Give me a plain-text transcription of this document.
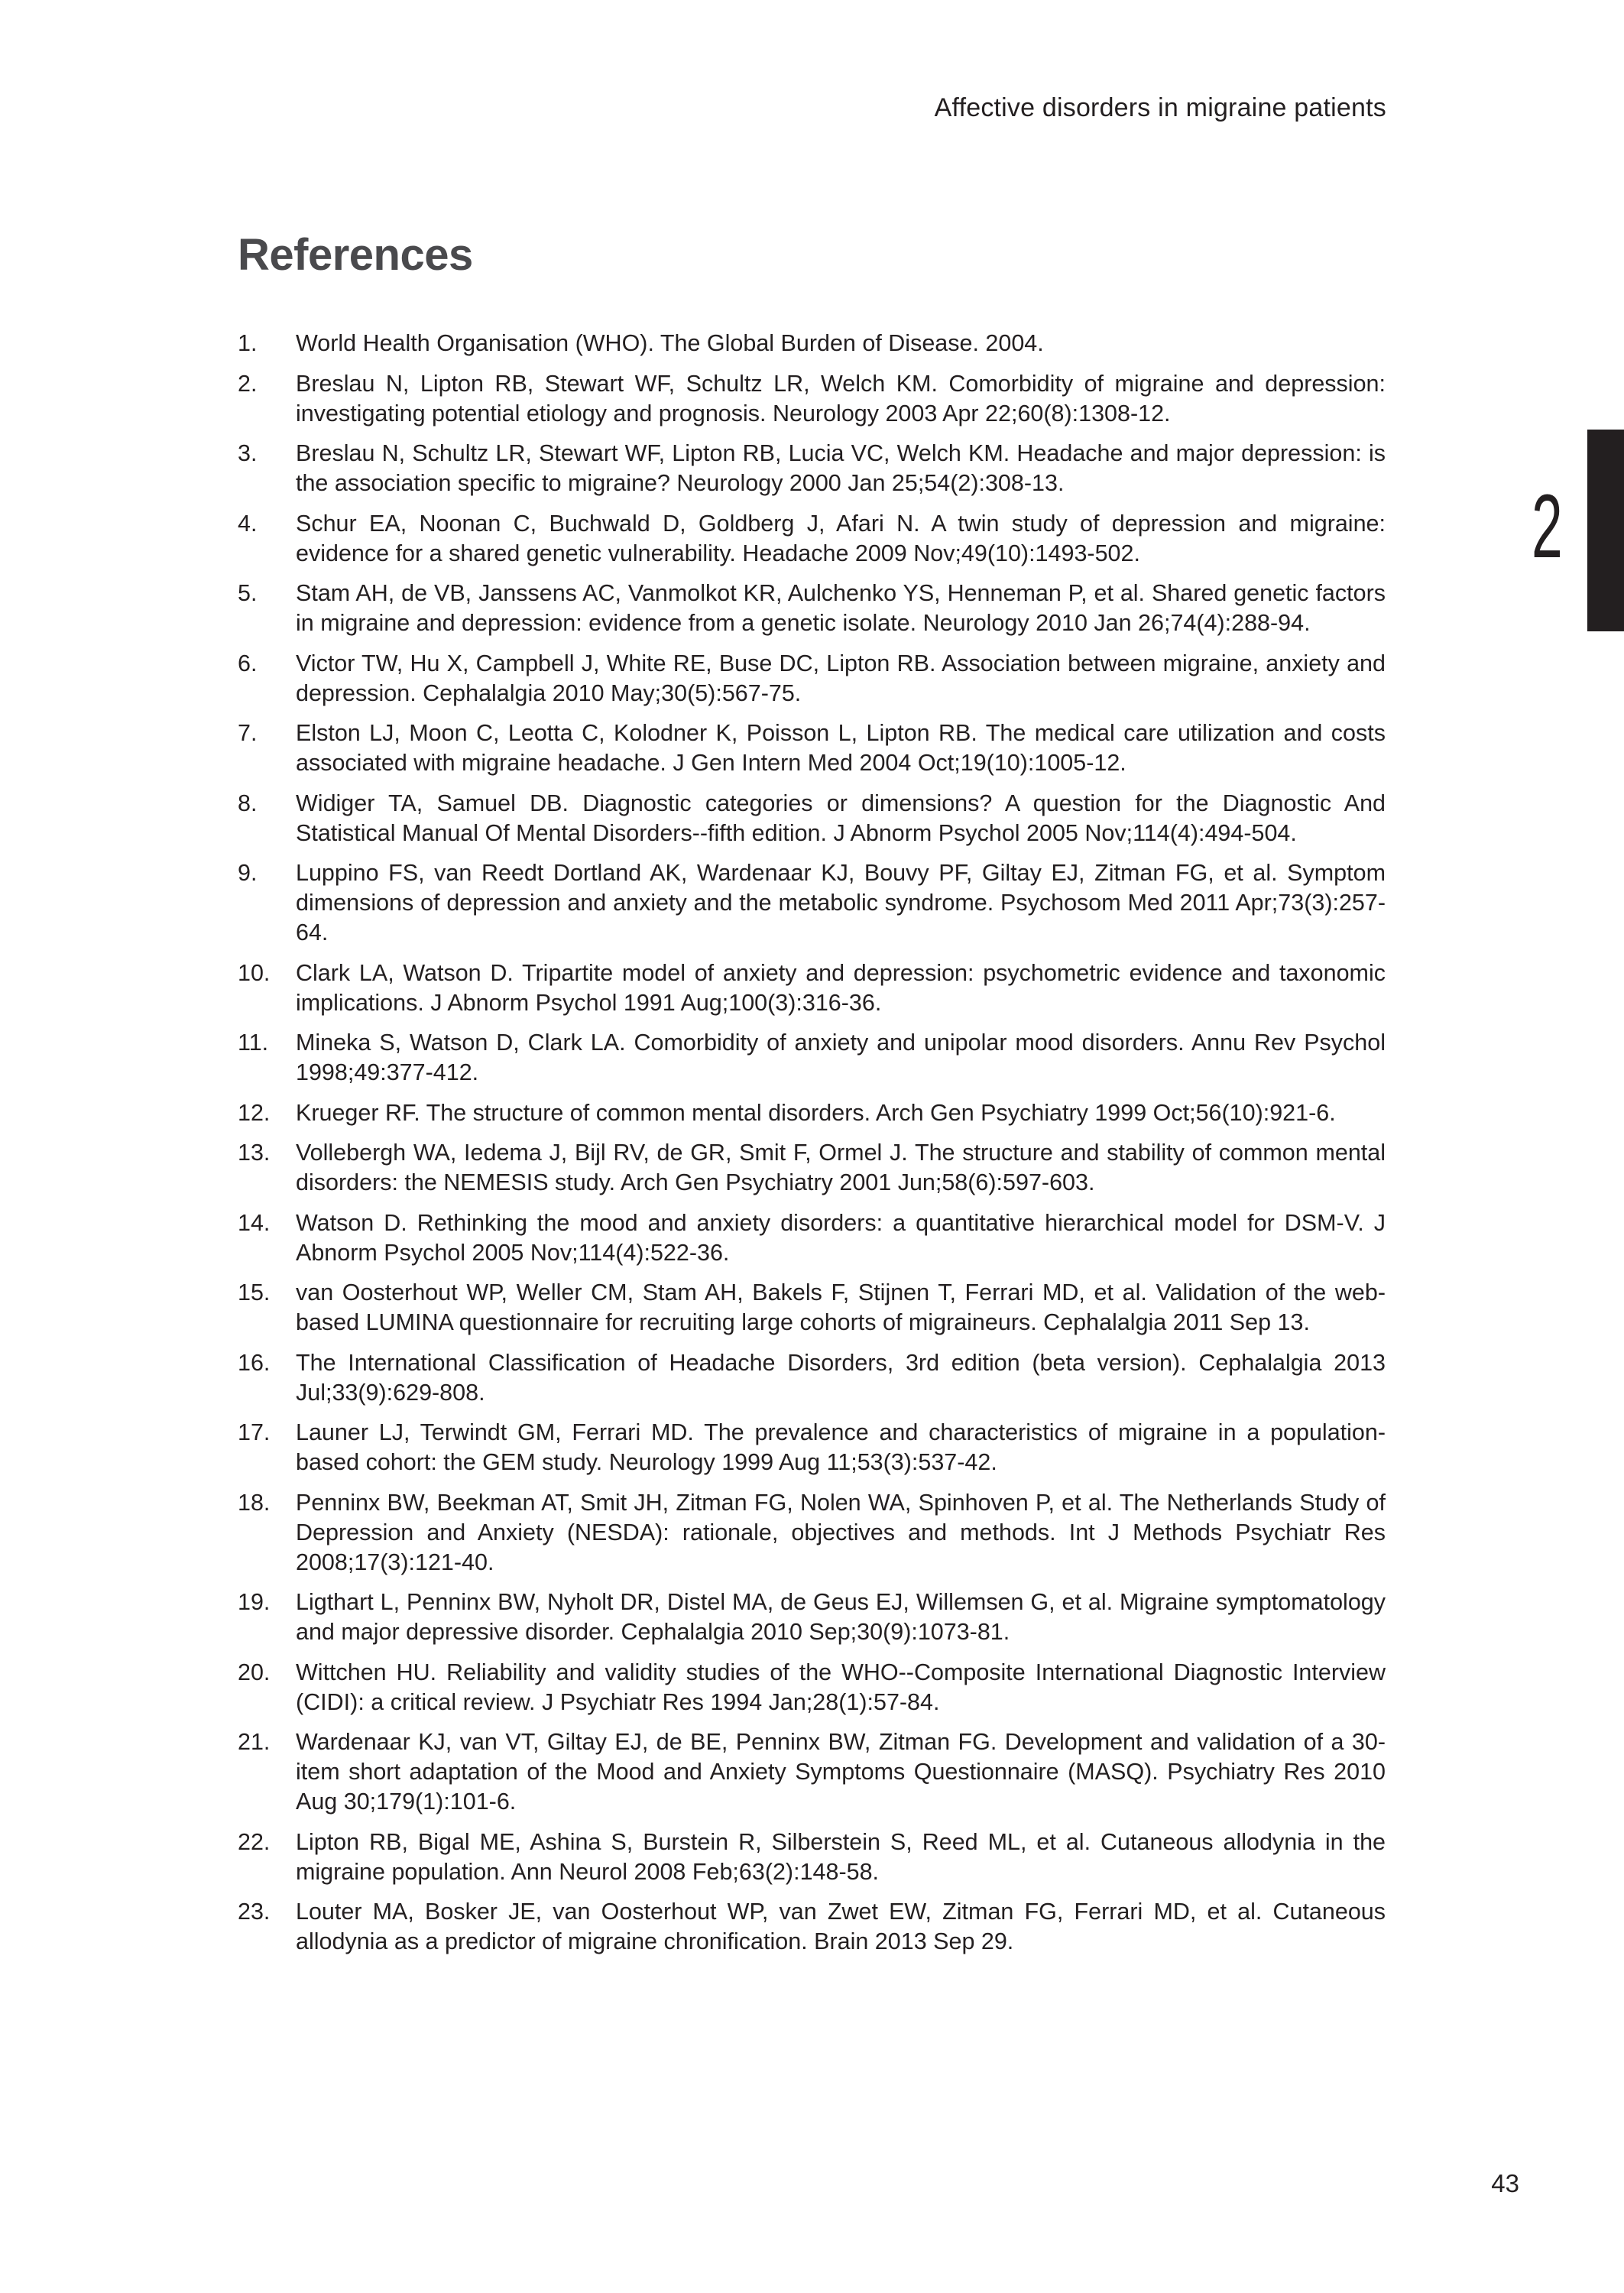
Affective disorders in migraine patients
References
2
1.	World Health Organisation (WHO). The Global Burden of Disease. 2004.
2.	Breslau N, Lipton RB, Stewart WF, Schultz LR, Welch KM. Comorbidity of migraine and depression: investigating potential etiology and prognosis. Neurology 2003 Apr 22;60(8):1308-12.
3.	Breslau N, Schultz LR, Stewart WF, Lipton RB, Lucia VC, Welch KM. Headache and major depression: is the association specific to migraine? Neurology 2000 Jan 25;54(2):308-13.
4.	Schur EA, Noonan C, Buchwald D, Goldberg J, Afari N. A twin study of depression and migraine: evidence for a shared genetic vulnerability. Headache 2009 Nov;49(10):1493-502.
5.	Stam AH, de VB, Janssens AC, Vanmolkot KR, Aulchenko YS, Henneman P, et al. Shared genetic factors in migraine and depression: evidence from a genetic isolate. Neurology 2010 Jan 26;74(4):288-94.
6.	Victor TW, Hu X, Campbell J, White RE, Buse DC, Lipton RB. Association between migraine, anxiety and depression. Cephalalgia 2010 May;30(5):567-75.
7.	Elston LJ, Moon C, Leotta C, Kolodner K, Poisson L, Lipton RB. The medical care utilization and costs associated with migraine headache. J Gen Intern Med 2004 Oct;19(10):1005-12.
8.	Widiger TA, Samuel DB. Diagnostic categories or dimensions? A question for the Diagnostic And Statistical Manual Of Mental Disorders--fifth edition. J Abnorm Psychol 2005 Nov;114(4):494-504.
9.	Luppino FS, van Reedt Dortland AK, Wardenaar KJ, Bouvy PF, Giltay EJ, Zitman FG, et al. Symptom dimensions of depression and anxiety and the metabolic syndrome. Psychosom Med 2011 Apr;73(3):257-64.
10.	Clark LA, Watson D. Tripartite model of anxiety and depression: psychometric evidence and taxonomic implications. J Abnorm Psychol 1991 Aug;100(3):316-36.
11.	Mineka S, Watson D, Clark LA. Comorbidity of anxiety and unipolar mood disorders. Annu Rev Psychol 1998;49:377-412.
12.	Krueger RF. The structure of common mental disorders. Arch Gen Psychiatry 1999 Oct;56(10):921-6.
13.	Vollebergh WA, Iedema J, Bijl RV, de GR, Smit F, Ormel J. The structure and stability of common mental disorders: the NEMESIS study. Arch Gen Psychiatry 2001 Jun;58(6):597-603.
14.	Watson D. Rethinking the mood and anxiety disorders: a quantitative hierarchical model for DSM-V. J Abnorm Psychol 2005 Nov;114(4):522-36.
15.	van Oosterhout WP, Weller CM, Stam AH, Bakels F, Stijnen T, Ferrari MD, et al. Validation of the web-based LUMINA questionnaire for recruiting large cohorts of migraineurs. Cephalalgia 2011 Sep 13.
16.	The International Classification of Headache Disorders, 3rd edition (beta version). Cephalalgia 2013 Jul;33(9):629-808.
17.	Launer LJ, Terwindt GM, Ferrari MD. The prevalence and characteristics of migraine in a population-based cohort: the GEM study. Neurology 1999 Aug 11;53(3):537-42.
18.	Penninx BW, Beekman AT, Smit JH, Zitman FG, Nolen WA, Spinhoven P, et al. The Netherlands Study of Depression and Anxiety (NESDA): rationale, objectives and methods. Int J Methods Psychiatr Res 2008;17(3):121-40.
19.	Ligthart L, Penninx BW, Nyholt DR, Distel MA, de Geus EJ, Willemsen G, et al. Migraine symptomatology and major depressive disorder. Cephalalgia 2010 Sep;30(9):1073-81.
20.	Wittchen HU. Reliability and validity studies of the WHO--Composite International Diagnostic Interview (CIDI): a critical review. J Psychiatr Res 1994 Jan;28(1):57-84.
21.	Wardenaar KJ, van VT, Giltay EJ, de BE, Penninx BW, Zitman FG. Development and validation of a 30-item short adaptation of the Mood and Anxiety Symptoms Questionnaire (MASQ). Psychiatry Res 2010 Aug 30;179(1):101-6.
22.	Lipton RB, Bigal ME, Ashina S, Burstein R, Silberstein S, Reed ML, et al. Cutaneous allodynia in the migraine population. Ann Neurol 2008 Feb;63(2):148-58.
23.	Louter MA, Bosker JE, van Oosterhout WP, van Zwet EW, Zitman FG, Ferrari MD, et al. Cutaneous allodynia as a predictor of migraine chronification. Brain 2013 Sep 29.
43
